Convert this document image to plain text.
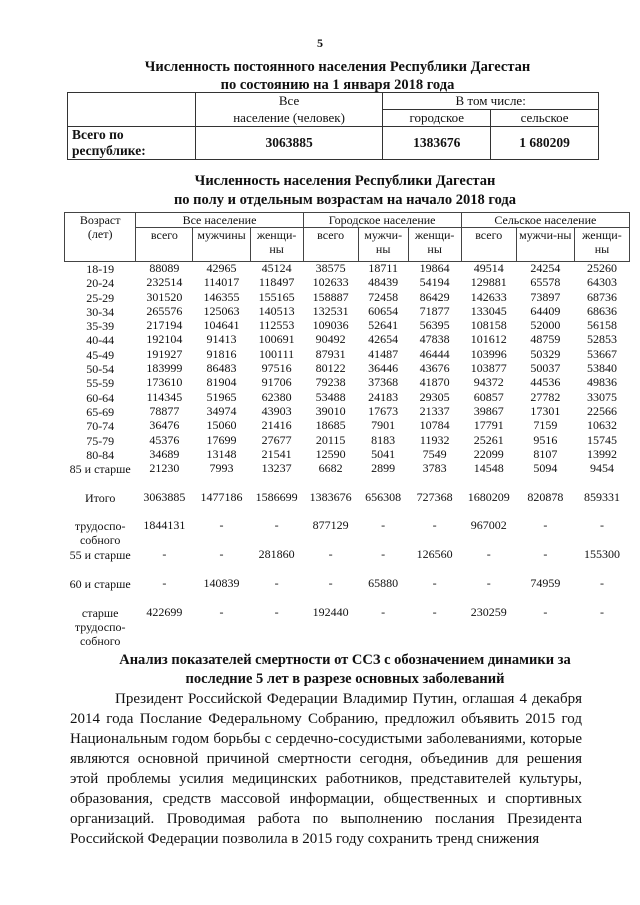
5
Численность постоянного населения Республики Дагестан
по состоянию на 1 января 2018 года
	Все	В том числе:	
	население (человек)	городское	сельское
Всего по республике:	3063885	1383676	1 680209
Численность населения Республики Дагестан
по полу и отдельным возрастам на начало 2018 года
Возраст (лет)	Все население			Городское население			Сельское население		
	всего	мужчины	женщи-ны	всего	мужчи-ны	женщи-ны	всего	мужчи-ны	женщи-ны
18-19	88089	42965	45124	38575	18711	19864	49514	24254	25260
20-24	232514	114017	118497	102633	48439	54194	129881	65578	64303
25-29	301520	146355	155165	158887	72458	86429	142633	73897	68736
30-34	265576	125063	140513	132531	60654	71877	133045	64409	68636
35-39	217194	104641	112553	109036	52641	56395	108158	52000	56158
40-44	192104	91413	100691	90492	42654	47838	101612	48759	52853
45-49	191927	91816	100111	87931	41487	46444	103996	50329	53667
50-54	183999	86483	97516	80122	36446	43676	103877	50037	53840
55-59	173610	81904	91706	79238	37368	41870	94372	44536	49836
60-64	114345	51965	62380	53488	24183	29305	60857	27782	33075
65-69	78877	34974	43903	39010	17673	21337	39867	17301	22566
70-74	36476	15060	21416	18685	7901	10784	17791	7159	10632
75-79	45376	17699	27677	20115	8183	11932	25261	9516	15745
80-84	34689	13148	21541	12590	5041	7549	22099	8107	13992
85 и старше	21230	7993	13237	6682	2899	3783	14548	5094	9454
Итого	3063885	1477186	1586699	1383676	656308	727368	1680209	820878	859331
трудоспо-собного	1844131	-	-	877129	-	-	967002	-	-
55 и старше	-	-	281860	-	-	126560	-	-	155300
60 и старше	-	140839	-	-	65880	-	-	74959	-
старше трудоспо-собного	422699	-	-	192440	-	-	230259	-	-
Анализ показателей смертности от ССЗ с обозначением динамики за
последние 5 лет в разрезе основных заболеваний

Президент Российской Федерации Владимир Путин, оглашая 4 декабря 2014 года Послание Федеральному Собранию, предложил объявить 2015 год Национальным годом борьбы с сердечно-сосудистыми заболеваниями, которые являются основной причиной смертности сегодня, объединив для решения этой проблемы усилия медицинских работников, представителей культуры, образования, средств массовой информации, общественных и спортивных организаций. Проводимая работа по выполнению послания Президента Российской Федерации позволила в 2015 году сохранить тренд снижения
